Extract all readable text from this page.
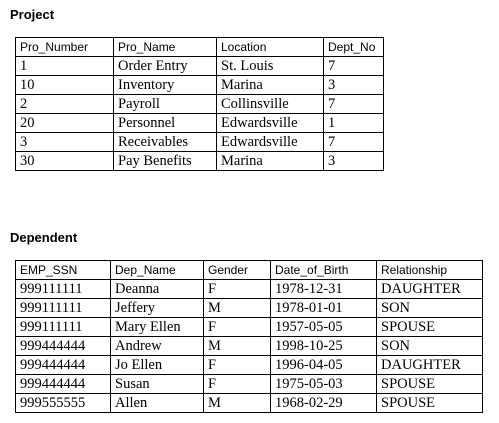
Project
Pro_Number	Pro_Name	Location	Dept_No
1	Order Entry	St. Louis	7
10	Inventory	Marina	3
2	Payroll	Collinsville	7
20	Personnel	Edwardsville	1
3	Receivables	Edwardsville	7
30	Pay Benefits	Marina	3
Dependent
EMP_SSN	Dep_Name	Gender	Date_of_Birth	Relationship
999111111	Deanna	F	1978-12-31	DAUGHTER
999111111	Jeffery	M	1978-01-01	SON
999111111	Mary Ellen	F	1957-05-05	SPOUSE
999444444	Andrew	M	1998-10-25	SON
999444444	Jo Ellen	F	1996-04-05	DAUGHTER
999444444	Susan	F	1975-05-03	SPOUSE
999555555	Allen	M	1968-02-29	SPOUSE
